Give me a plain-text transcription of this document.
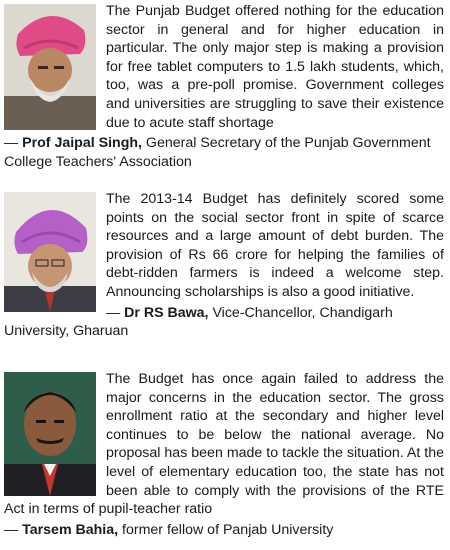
The Punjab Budget offered nothing for the education sector in general and for higher education in particular. The only major step is making a provision for free tablet computers to 1.5 lakh students, which, too, was a pre-poll promise. Government colleges and universities are struggling to save their existence due to acute staff shortage

— Prof Jaipal Singh, General Secretary of the Punjab Government College Teachers' Association

The 2013-14 Budget has definitely scored some points on the social sector front in spite of scarce resources and a large amount of debt burden. The provision of Rs 66 crore for helping the families of debt-ridden farmers is indeed a welcome step. Announcing scholarships is also a good initiative.

— Dr RS Bawa, Vice-Chancellor, Chandigarh University, Gharuan

The Budget has once again failed to address the major concerns in the education sector. The gross enrollment ratio at the secondary and higher level continues to be below the national average. No proposal has been made to tackle the situation. At the level of elementary education too, the state has not been able to comply with the provisions of the RTE Act in terms of pupil-teacher ratio

— Tarsem Bahia, former fellow of Panjab University
